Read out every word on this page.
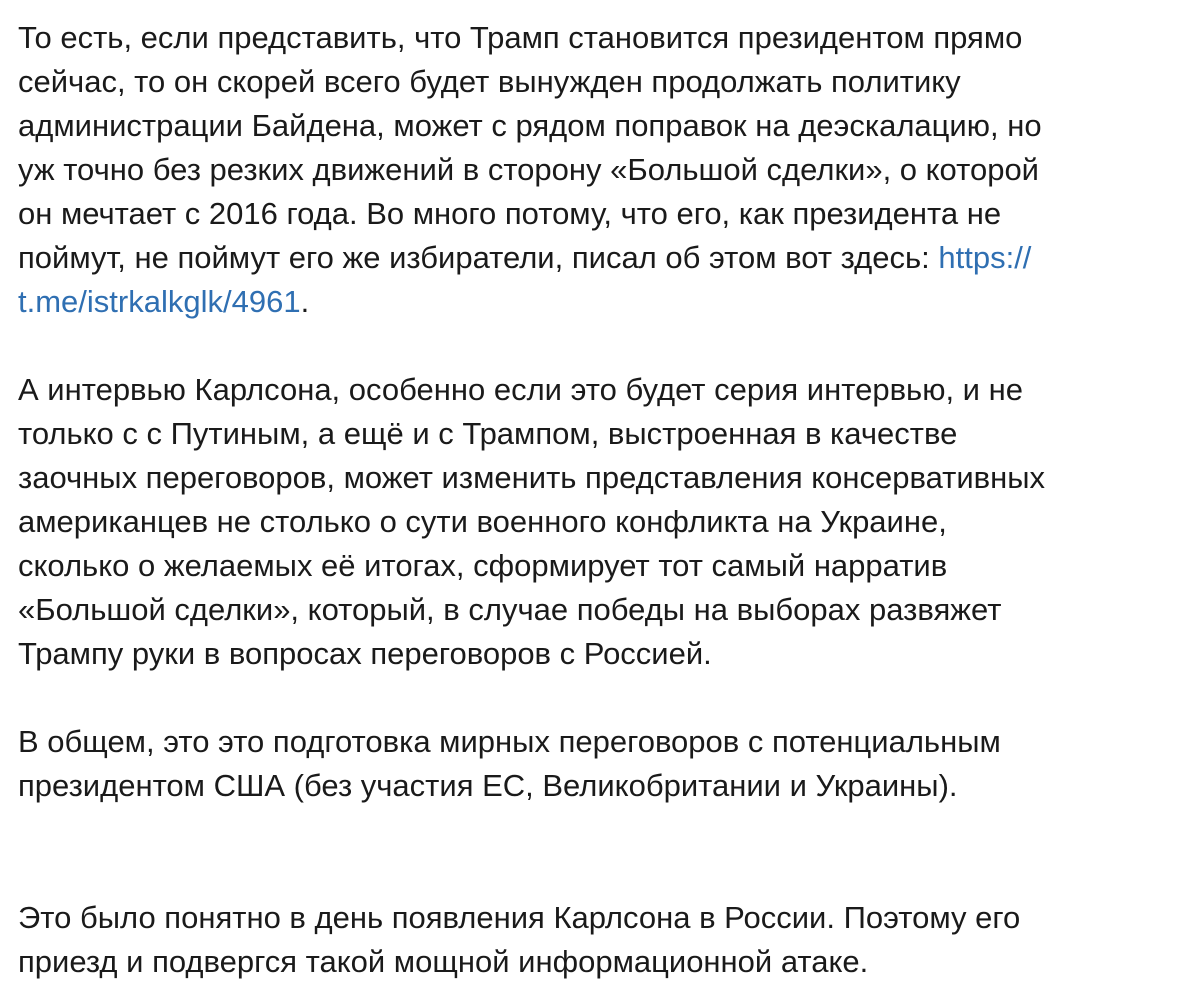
То есть, если представить, что Трамп становится президентом прямо
сейчас, то он скорей всего будет вынужден продолжать политику
администрации Байдена, может с рядом поправок на деэскалацию, но
уж точно без резких движений в сторону «Большой сделки», о которой
он мечтает с 2016 года. Во много потому, что его, как президента не
поймут, не поймут его же избиратели, писал об этом вот здесь: https://
t.me/istrkalkglk/4961.
А интервью Карлсона, особенно если это будет серия интервью, и не
только с с Путиным, а ещё и с Трампом, выстроенная в качестве
заочных переговоров, может изменить представления консервативных
американцев не столько о сути военного конфликта на Украине,
сколько о желаемых её итогах, сформирует тот самый нарратив
«Большой сделки», который, в случае победы на выборах развяжет
Трампу руки в вопросах переговоров с Россией.
В общем, это это подготовка мирных переговоров с потенциальным
президентом США (без участия ЕС, Великобритании и Украины).
Это было понятно в день появления Карлсона в России. Поэтому его
приезд и подвергся такой мощной информационной атаке.
